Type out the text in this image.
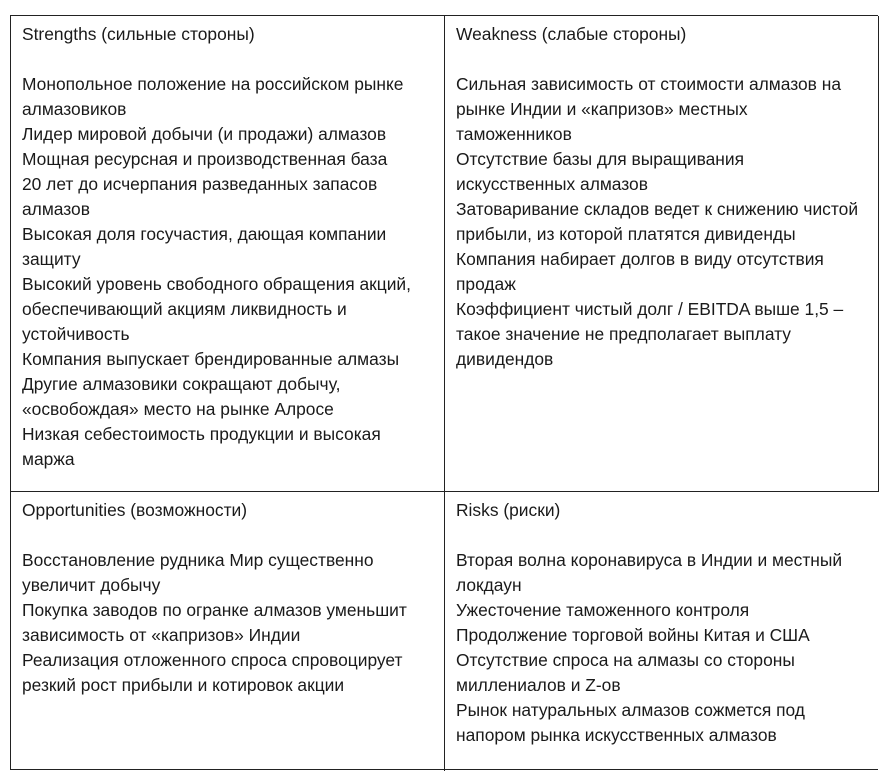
Strengths (сильные стороны)
Монопольное положение на российском рынке алмазовиков
Лидер мировой добычи (и продажи) алмазов
Мощная ресурсная и производственная база
20 лет до исчерпания разведанных запасов алмазов
Высокая доля госучастия, дающая компании защиту
Высокий уровень свободного обращения акций, обеспечивающий акциям ликвидность и устойчивость
Компания выпускает брендированные алмазы
Другие алмазовики сокращают добычу, «освобождая» место на рынке Алросе
Низкая себестоимость продукции и высокая маржа
Weakness (слабые стороны)
Сильная зависимость от стоимости алмазов на рынке Индии и «капризов» местных таможенников
Отсутствие базы для выращивания искусственных алмазов
Затоваривание складов ведет к снижению чистой прибыли, из которой платятся дивиденды
Компания набирает долгов в виду отсутствия продаж
Коэффициент чистый долг / EBITDA выше 1,5 – такое значение не предполагает выплату дивидендов
Opportunities (возможности)
Восстановление рудника Мир существенно увеличит добычу
Покупка заводов по огранке алмазов уменьшит зависимость от «капризов» Индии
Реализация отложенного спроса спровоцирует резкий рост прибыли и котировок акции
Risks (риски)
Вторая волна коронавируса в Индии и местный локдаун
Ужесточение таможенного контроля
Продолжение торговой войны Китая и США
Отсутствие спроса на алмазы со стороны миллениалов и Z-ов
Рынок натуральных алмазов сожмется под напором рынка искусственных алмазов
